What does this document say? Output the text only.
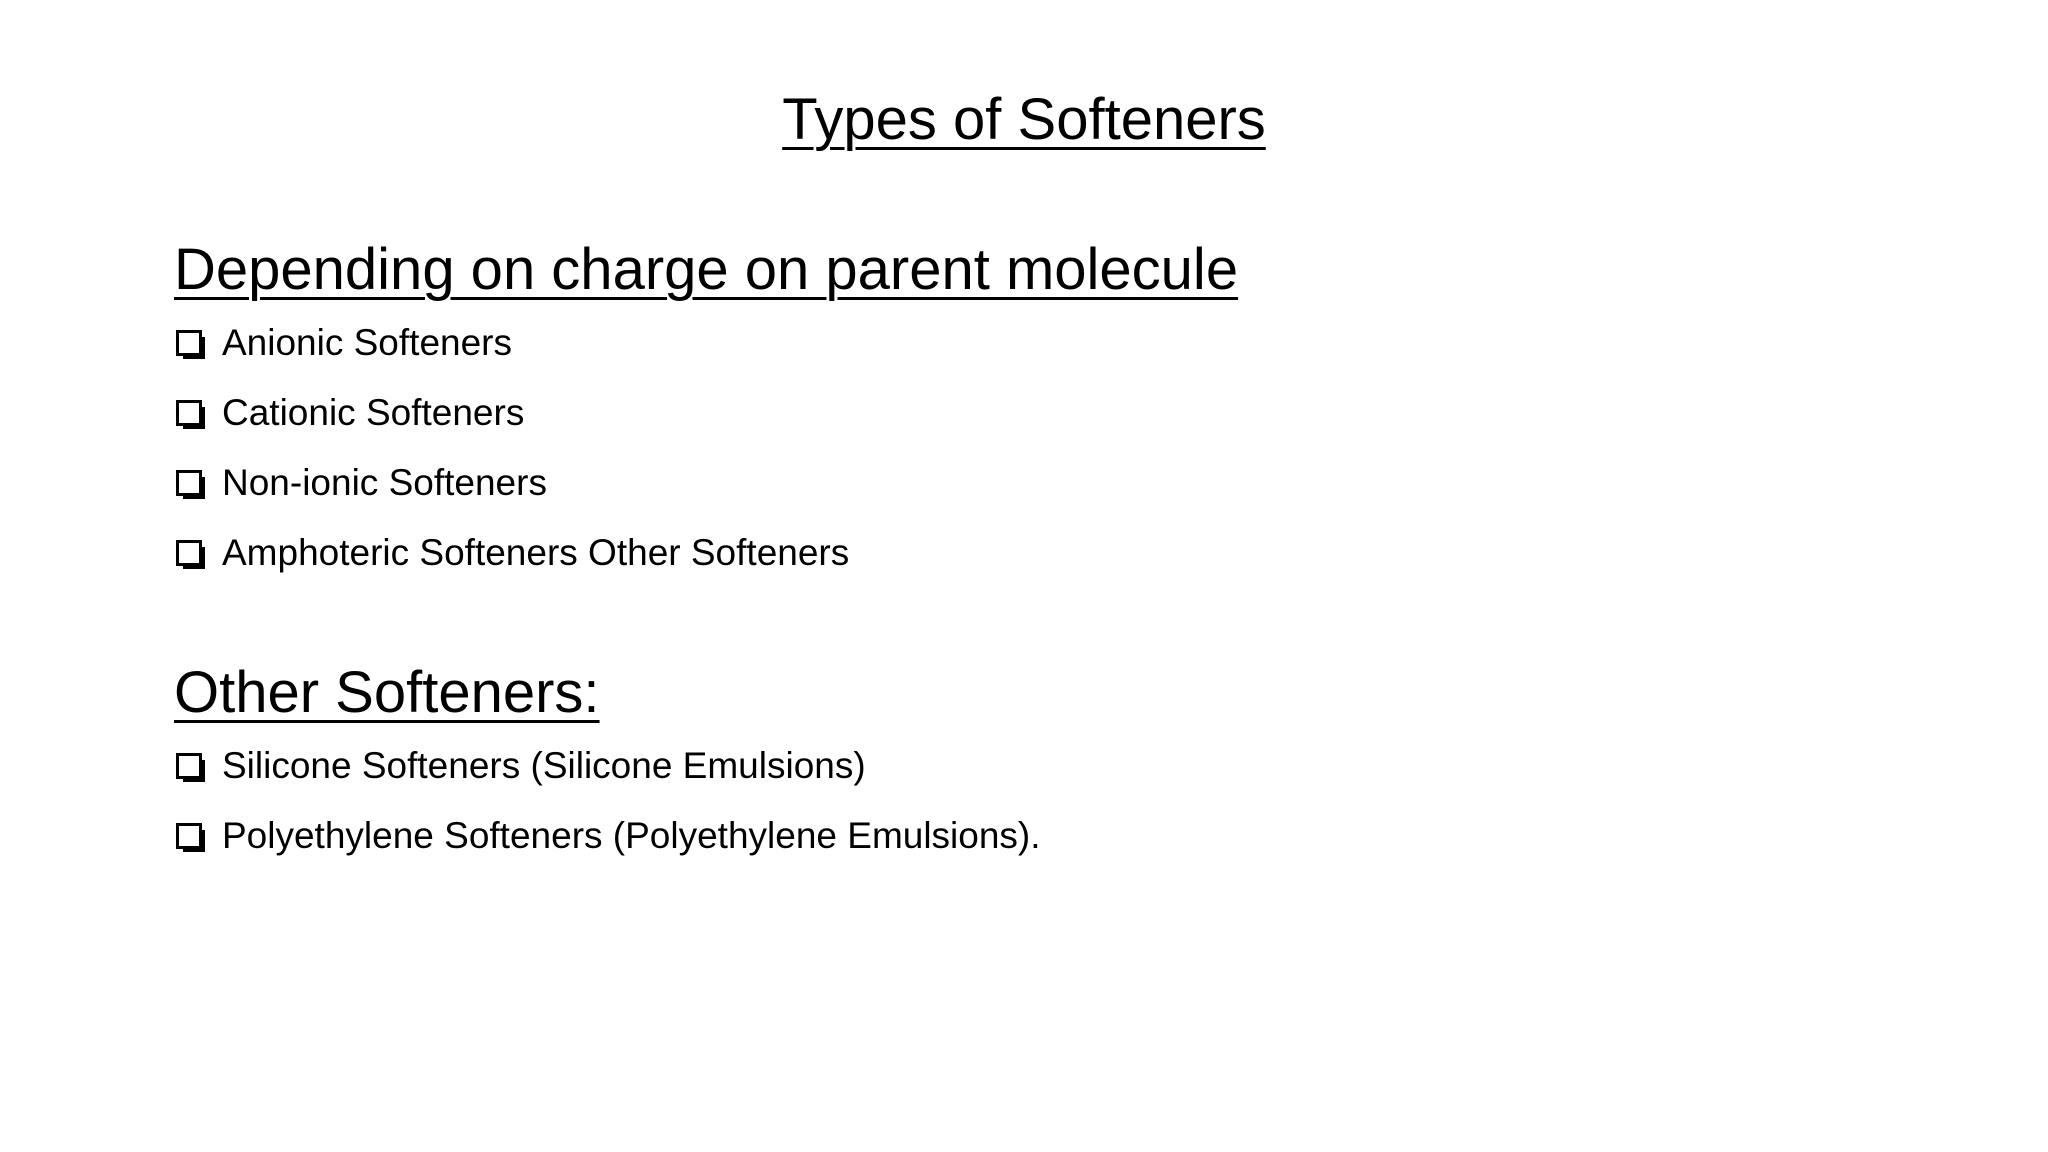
Types of Softeners
Depending on charge on parent molecule
Anionic Softeners
Cationic Softeners
Non-ionic Softeners
Amphoteric Softeners Other Softeners
Other Softeners:
Silicone Softeners (Silicone Emulsions)
Polyethylene Softeners (Polyethylene Emulsions).
